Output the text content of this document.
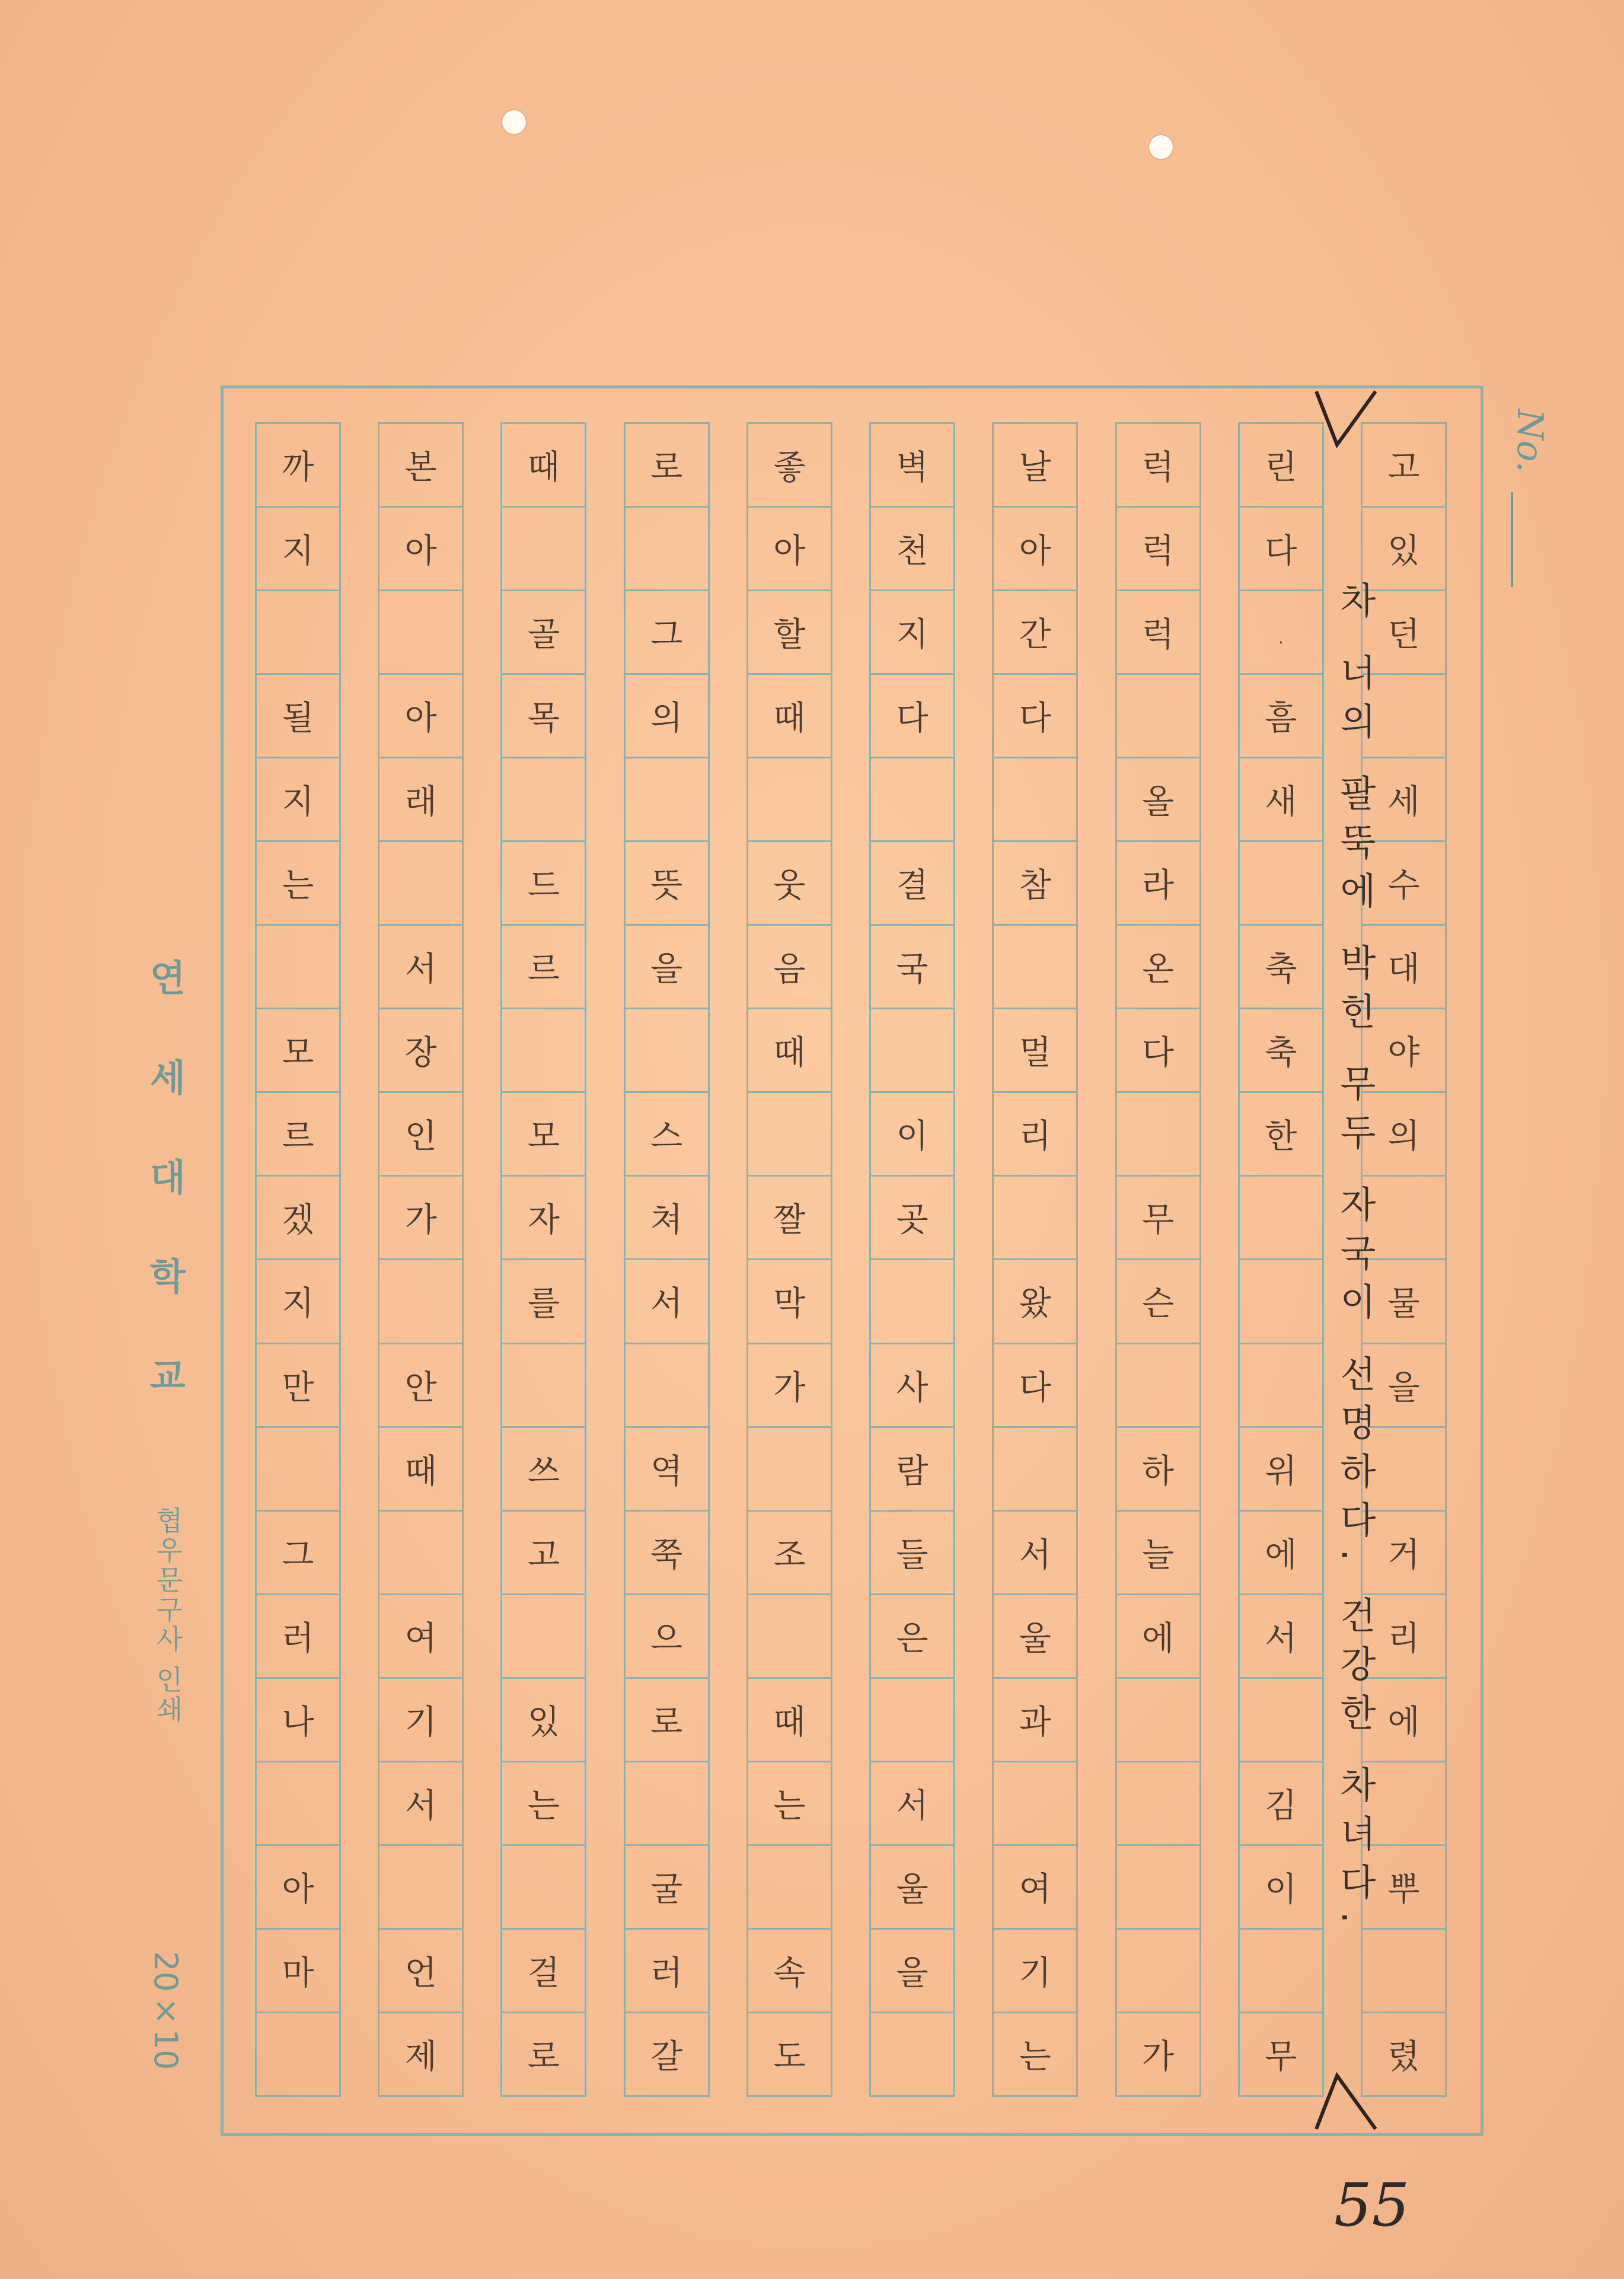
No.
고
있
던
세
수
대
야
의
물
을
거
리
에
뿌
렸
린
다
.
흠
새
축
축
한
위
에
서
김
이
무
럭
럭
럭
올
라
온
다
무
슨
하
늘
에
가
날
아
간
다
참
멀
리
왔
다
서
울
과
여
기
는
벽
천
지
다
결
국
이
곳
사
람
들
은
서
울
을
좋
아
할
때
웃
음
때
짤
막
가
조
때
는
속
도
로
그
의
뜻
을
스
쳐
서
역
쭉
으
로
굴
러
갈
때
골
목
드
르
모
자
를
쓰
고
있
는
걸
로
본
아
아
래
서
장
인
가
안
때
여
기
서
언
제
까
지
될
지
는
모
르
겠
지
만
그
러
나
아
마
차 너의 팔뚝에 박힌 무두 자국이 선명하다. 건강한 차녀다.
연
세
대
학
교
협우문구사 인쇄
20×10
55
